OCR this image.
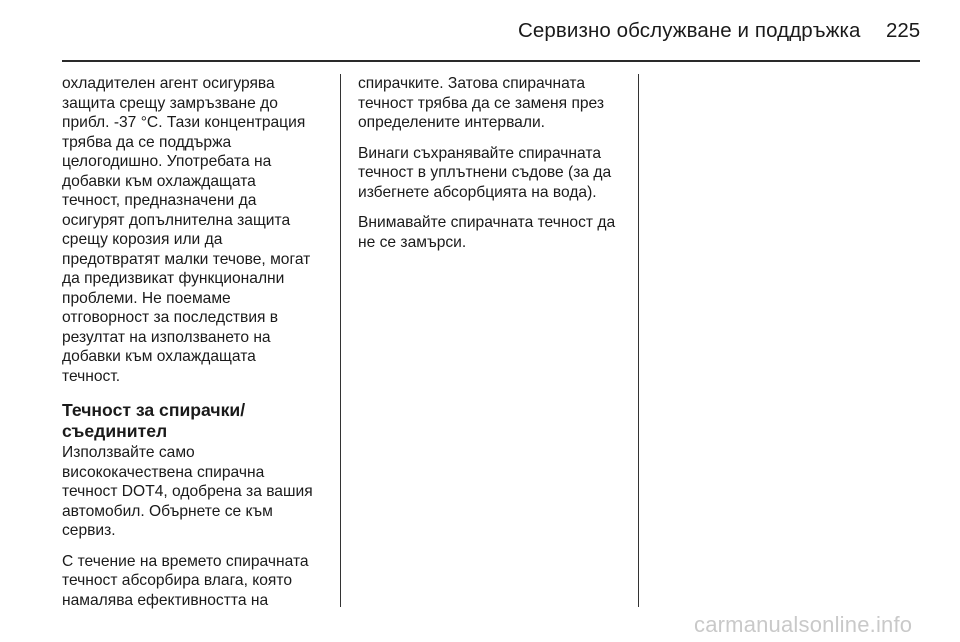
Сервизно обслужване и поддръжка 225

охладителен агент осигурява
защита срещу замръзване до
прибл. -37 °С. Тази концентрация
трябва да се поддържа
целогодишно. Употребата на
добавки към охлаждащата
течност, предназначени да
осигурят допълнителна защита
срещу корозия или да
предотвратят малки течове, могат
да предизвикат функционални
проблеми. Не поемаме
отговорност за последствия в
резултат на използването на
добавки към охлаждащата
течност.

Течност за спирачки/
съединител

Използвайте само
висококачествена спирачна
течност DOT4, одобрена за вашия
автомобил. Обърнете се към
сервиз.

С течение на времето спирачната
течност абсорбира влага, която
намалява ефективността на

спирачките. Затова спирачната
течност трябва да се заменя през
определените интервали.

Винаги съхранявайте спирачната
течност в уплътнени съдове (за да
избегнете абсорбцията на вода).

Внимавайте спирачната течност да
не се замърси.

carmanualsonline.info
